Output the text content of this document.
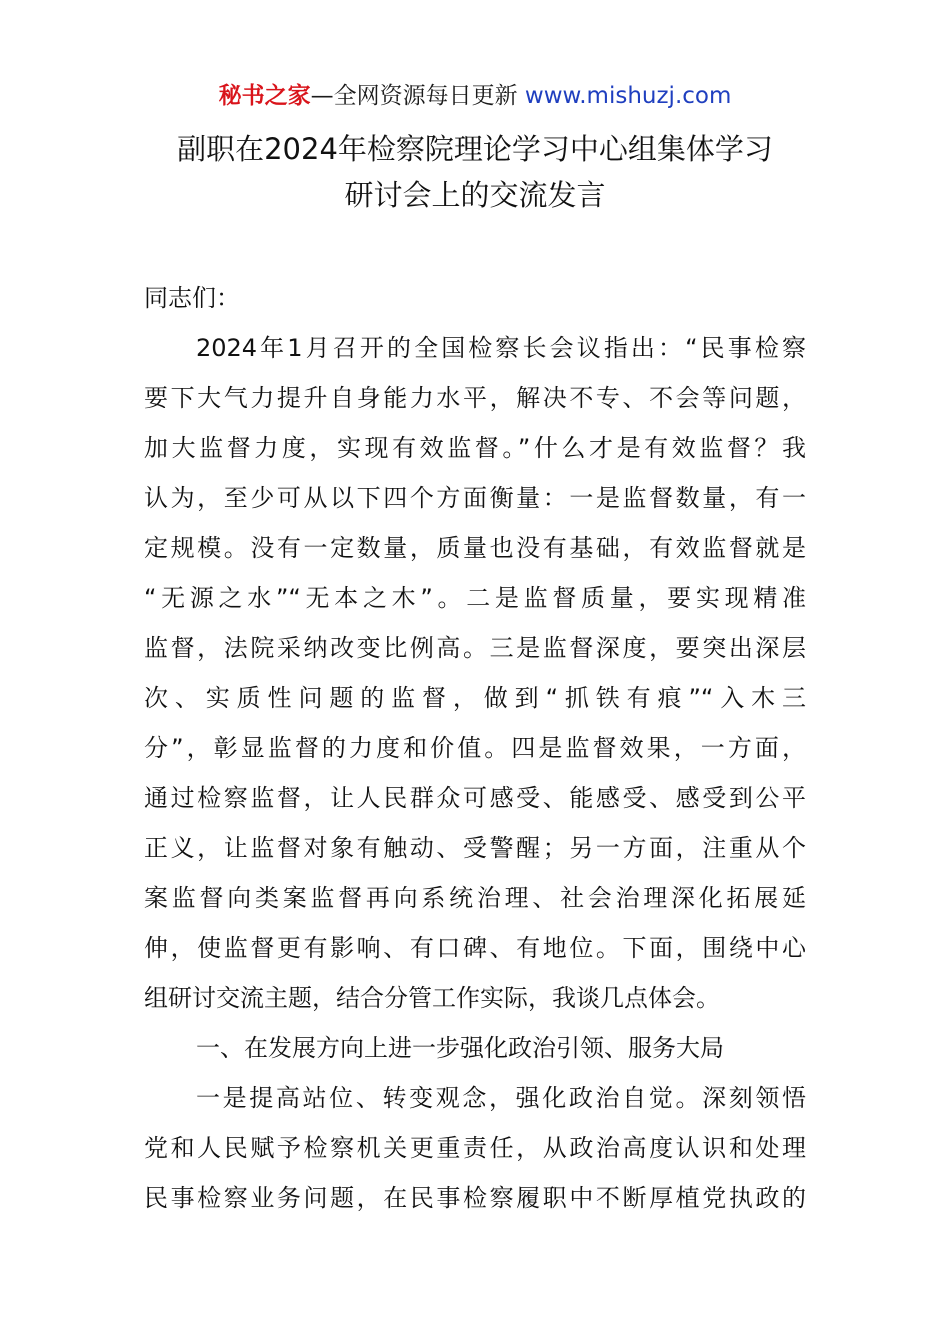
秘书之家—全网资源每日更新 www.mishuzj.com
副职在2024年检察院理论学习中心组集体学习
研讨会上的交流发言
同志们：
2024年1月召开的全国检察长会议指出：“民事检察
要下大气力提升自身能力水平，解决不专、不会等问题，
加大监督力度，实现有效监督。”什么才是有效监督？我
认为，至少可从以下四个方面衡量：一是监督数量，有一
定规模。没有一定数量，质量也没有基础，有效监督就是
“无源之水”“无本之木”。二是监督质量，要实现精准
监督，法院采纳改变比例高。三是监督深度，要突出深层
次、实质性问题的监督，做到“抓铁有痕”“入木三
分”，彰显监督的力度和价值。四是监督效果，一方面，
通过检察监督，让人民群众可感受、能感受、感受到公平
正义，让监督对象有触动、受警醒；另一方面，注重从个
案监督向类案监督再向系统治理、社会治理深化拓展延
伸，使监督更有影响、有口碑、有地位。下面，围绕中心
组研讨交流主题，结合分管工作实际，我谈几点体会。
一、在发展方向上进一步强化政治引领、服务大局
一是提高站位、转变观念，强化政治自觉。深刻领悟
党和人民赋予检察机关更重责任，从政治高度认识和处理
民事检察业务问题，在民事检察履职中不断厚植党执政的
